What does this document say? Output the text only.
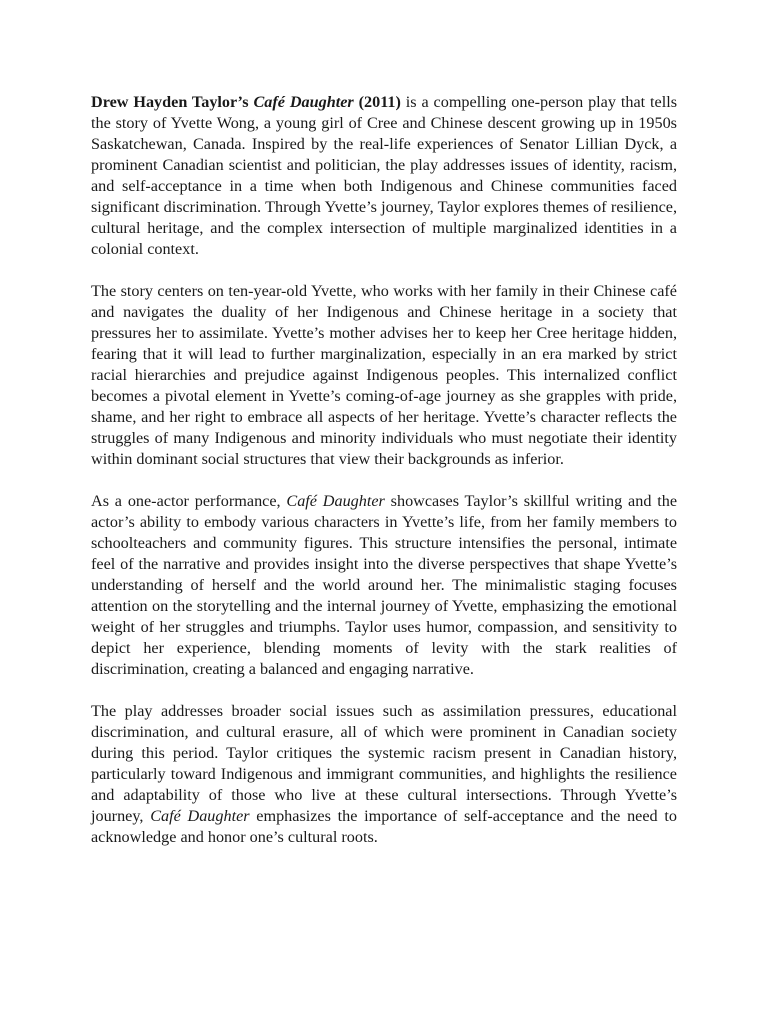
Drew Hayden Taylor’s Café Daughter (2011) is a compelling one-person play that tells the story of Yvette Wong, a young girl of Cree and Chinese descent growing up in 1950s Saskatchewan, Canada. Inspired by the real-life experiences of Senator Lillian Dyck, a prominent Canadian scientist and politician, the play addresses issues of identity, racism, and self-acceptance in a time when both Indigenous and Chinese communities faced significant discrimination. Through Yvette’s journey, Taylor explores themes of resilience, cultural heritage, and the complex intersection of multiple marginalized identities in a colonial context.

The story centers on ten-year-old Yvette, who works with her family in their Chinese café and navigates the duality of her Indigenous and Chinese heritage in a society that pressures her to assimilate. Yvette’s mother advises her to keep her Cree heritage hidden, fearing that it will lead to further marginalization, especially in an era marked by strict racial hierarchies and prejudice against Indigenous peoples. This internalized conflict becomes a pivotal element in Yvette’s coming-of-age journey as she grapples with pride, shame, and her right to embrace all aspects of her heritage. Yvette’s character reflects the struggles of many Indigenous and minority individuals who must negotiate their identity within dominant social structures that view their backgrounds as inferior.

As a one-actor performance, Café Daughter showcases Taylor’s skillful writing and the actor’s ability to embody various characters in Yvette’s life, from her family members to schoolteachers and community figures. This structure intensifies the personal, intimate feel of the narrative and provides insight into the diverse perspectives that shape Yvette’s understanding of herself and the world around her. The minimalistic staging focuses attention on the storytelling and the internal journey of Yvette, emphasizing the emotional weight of her struggles and triumphs. Taylor uses humor, compassion, and sensitivity to depict her experience, blending moments of levity with the stark realities of discrimination, creating a balanced and engaging narrative.

The play addresses broader social issues such as assimilation pressures, educational discrimination, and cultural erasure, all of which were prominent in Canadian society during this period. Taylor critiques the systemic racism present in Canadian history, particularly toward Indigenous and immigrant communities, and highlights the resilience and adaptability of those who live at these cultural intersections. Through Yvette’s journey, Café Daughter emphasizes the importance of self-acceptance and the need to acknowledge and honor one’s cultural roots.
